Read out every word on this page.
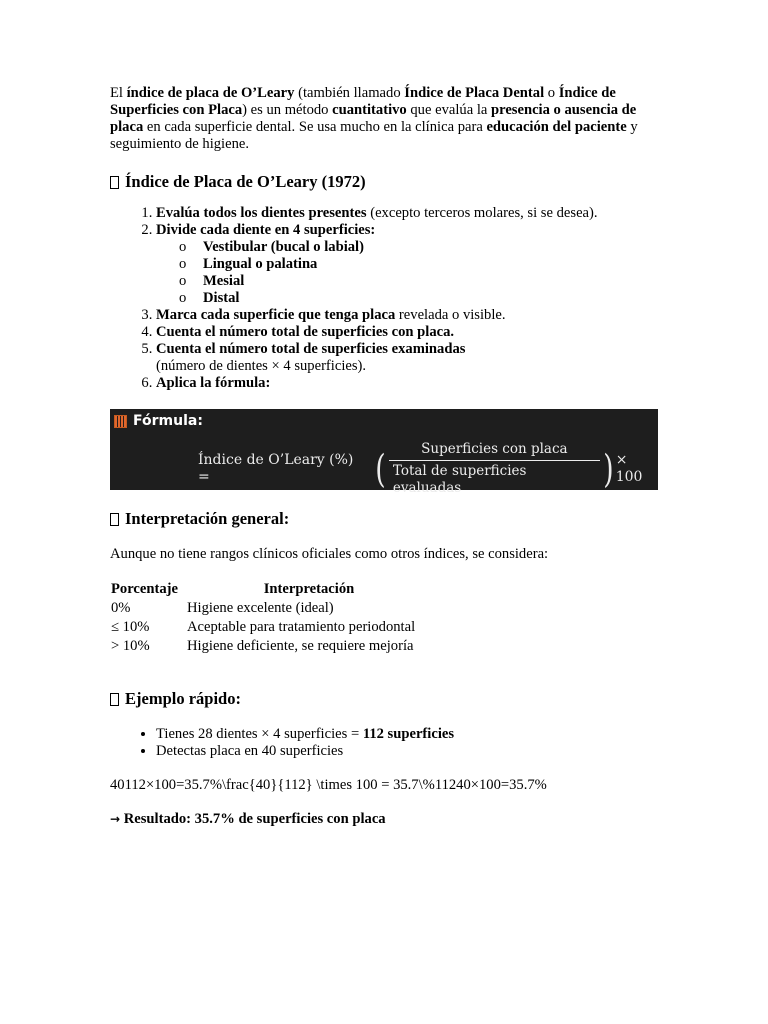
El índice de placa de O’Leary (también llamado Índice de Placa Dental o Índice de Superficies con Placa) es un método cuantitativo que evalúa la presencia o ausencia de placa en cada superficie dental. Se usa mucho en la clínica para educación del paciente y seguimiento de higiene.

Índice de Placa de O’Leary (1972)
1. Evalúa todos los dientes presentes (excepto terceros molares, si se desea).
2. Divide cada diente en 4 superficies:
o Vestibular (bucal o labial)
o Lingual o palatina
o Mesial
o Distal
3. Marca cada superficie que tenga placa revelada o visible.
4. Cuenta el número total de superficies con placa.
5. Cuenta el número total de superficies examinadas
(número de dientes × 4 superficies).
6. Aplica la fórmula:
Fórmula:
Índice de O’Leary (%) =	( $\frac{\text{Superficies con placa}}{\text{Total de superficies evaluadas}}$ ) × 100
Interpretación general:

Aunque no tiene rangos clínicos oficiales como otros índices, se considera:

Porcentaje	Interpretación
0%	Higiene excelente (ideal)
≤ 10%	Aceptable para tratamiento periodontal
> 10%	Higiene deficiente, se requiere mejoría
Ejemplo rápido:
• Tienes 28 dientes × 4 superficies = 112 superficies
• Detectas placa en 40 superficies

40112×100=35.7%\frac{40}{112} \times 100 = 35.7\%11240×100=35.7%

→ Resultado: 35.7% de superficies con placa
